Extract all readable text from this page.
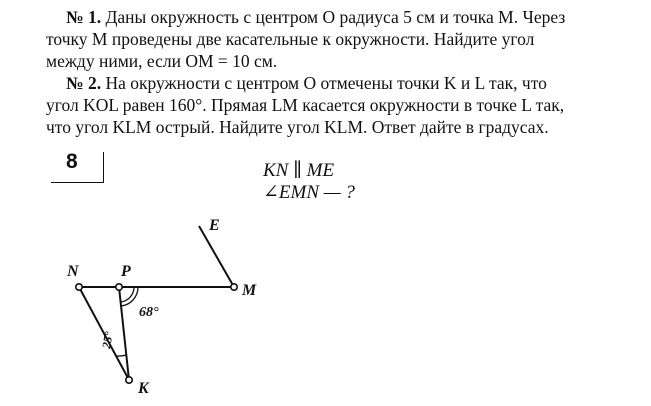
№ 1. Даны окружность с центром О радиуса 5 см и точка М. Через
точку М проведены две касательные к окружности. Найдите угол
между ними, если ОМ = 10 см.
№ 2. На окружности с центром О отмечены точки K и L так, что
угол KOL равен 160°. Прямая LM касается окружности в точке L так,
что угол KLM острый. Найдите угол KLM. Ответ дайте в градусах.
8	KN ∥ ME
∠EMN — ?
N	P
M
E
K
68°
25°
